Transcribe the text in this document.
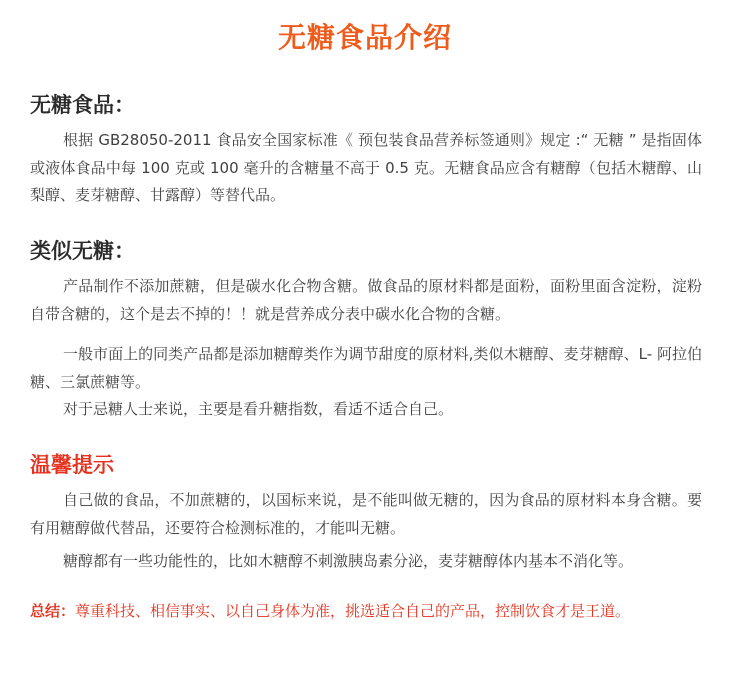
无糖食品介绍
无糖食品：
根据 GB28050-2011 食品安全国家标准《 预包装食品营养标签通则》规定 :“ 无糖 ” 是指固体或液体食品中每 100 克或 100 毫升的含糖量不高于 0.5 克。无糖食品应含有糖醇（包括木糖醇、山梨醇、麦芽糖醇、甘露醇）等替代品。
类似无糖：
产品制作不添加蔗糖，但是碳水化合物含糖。做食品的原材料都是面粉，面粉里面含淀粉，淀粉自带含糖的，这个是去不掉的！！就是营养成分表中碳水化合物的含糖。
一般市面上的同类产品都是添加糖醇类作为调节甜度的原材料,类似木糖醇、麦芽糖醇、L- 阿拉伯糖、三氯蔗糖等。
对于忌糖人士来说，主要是看升糖指数，看适不适合自己。
温馨提示
自己做的食品，不加蔗糖的，以国标来说，是不能叫做无糖的，因为食品的原材料本身含糖。要有用糖醇做代替品，还要符合检测标准的，才能叫无糖。
糖醇都有一些功能性的，比如木糖醇不刺激胰岛素分泌，麦芽糖醇体内基本不消化等。
总结：尊重科技、相信事实、以自己身体为准，挑选适合自己的产品，控制饮食才是王道。
